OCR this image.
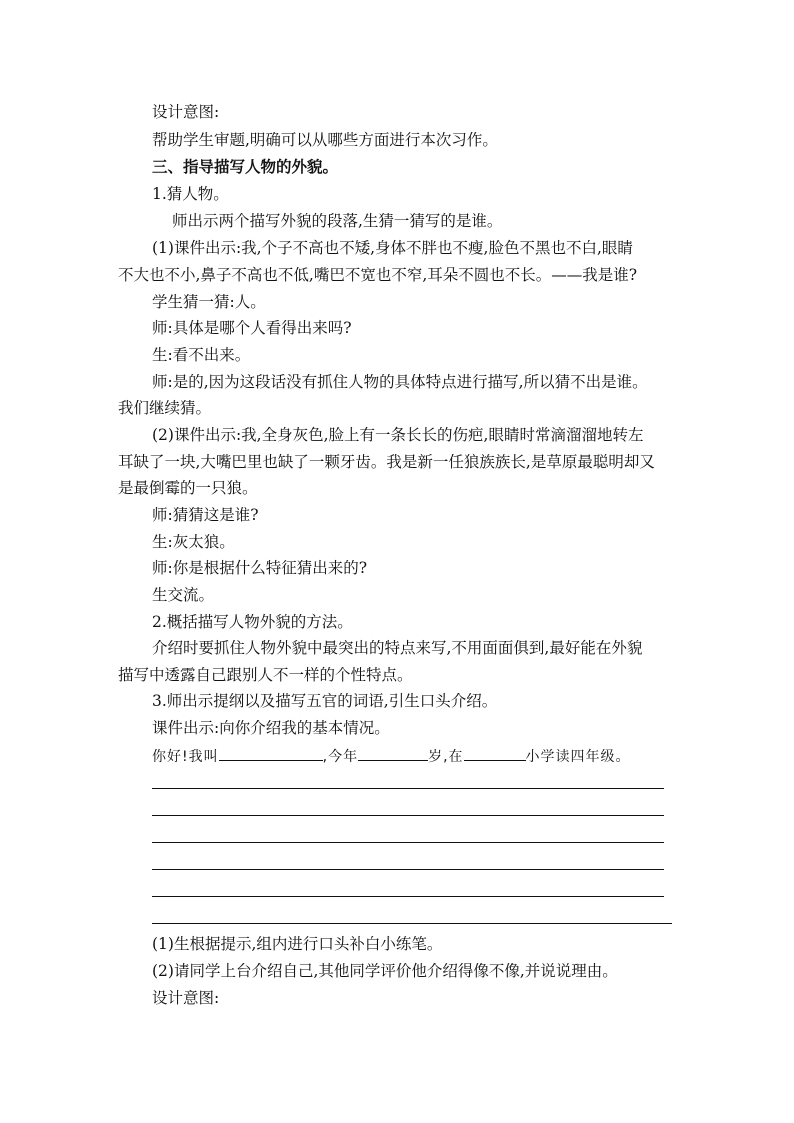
设计意图:
帮助学生审题,明确可以从哪些方面进行本次习作。
三、指导描写人物的外貌。
1.猜人物。
师出示两个描写外貌的段落,生猜一猜写的是谁。
(1)课件出示:我,个子不高也不矮,身体不胖也不瘦,脸色不黑也不白,眼睛
不大也不小,鼻子不高也不低,嘴巴不宽也不窄,耳朵不圆也不长。——我是谁?
学生猜一猜:人。
师:具体是哪个人看得出来吗?
生:看不出来。
师:是的,因为这段话没有抓住人物的具体特点进行描写,所以猜不出是谁。
我们继续猜。
(2)课件出示:我,全身灰色,脸上有一条长长的伤疤,眼睛时常滴溜溜地转左
耳缺了一块,大嘴巴里也缺了一颗牙齿。我是新一任狼族族长,是草原最聪明却又
是最倒霉的一只狼。
师:猜猜这是谁?
生:灰太狼。
师:你是根据什么特征猜出来的?
生交流。
2.概括描写人物外貌的方法。
介绍时要抓住人物外貌中最突出的特点来写,不用面面俱到,最好能在外貌
描写中透露自己跟别人不一样的个性特点。
3.师出示提纲以及描写五官的词语,引生口头介绍。
课件出示:向你介绍我的基本情况。
你好!我叫	,今年	岁,在	小学读四年级。
(1)生根据提示,组内进行口头补白小练笔。
(2)请同学上台介绍自己,其他同学评价他介绍得像不像,并说说理由。
设计意图:
